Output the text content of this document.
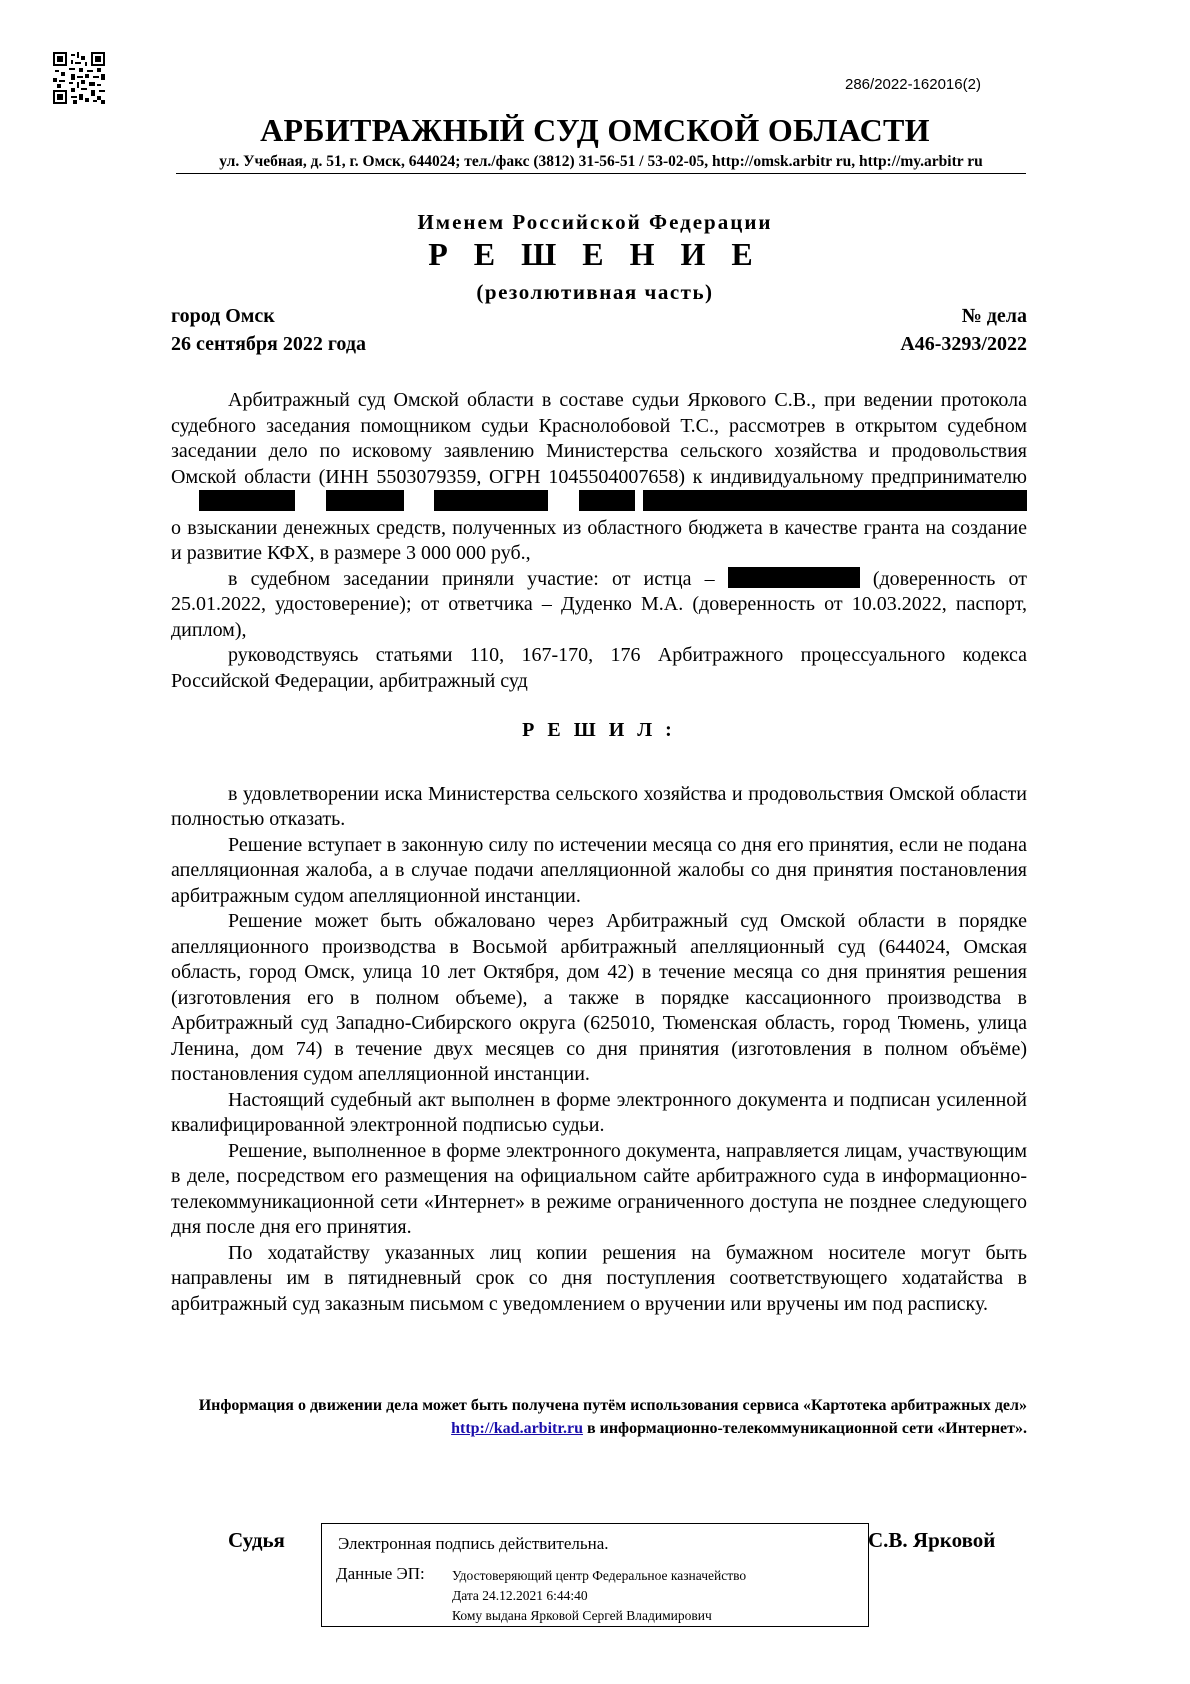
286/2022-162016(2)
АРБИТРАЖНЫЙ СУД ОМСКОЙ ОБЛАСТИ
ул. Учебная, д. 51, г. Омск, 644024; тел./факс (3812) 31-56-51 / 53-02-05, http://omsk.arbitr ru, http://my.arbitr ru
Именем Российской Федерации
Р Е Ш Е Н И Е
(резолютивная часть)
город Омск
26 сентября 2022 года
№ дела
А46-3293/2022

Арбитражный суд Омской области в составе судьи Яркового С.В., при ведении протокола судебного заседания помощником судьи Краснолобовой Т.С., рассмотрев в открытом судебном заседании дело по исковому заявлению Министерства сельского хозяйства и продовольствия Омской области (ИНН 5503079359, ОГРН 1045504007658) к индивидуальному предпринимателю      о взыскании денежных средств, полученных из областного бюджета в качестве гранта на создание и развитие КФХ, в размере 3 000 000 руб.,

в судебном заседании приняли участие: от истца –	(доверенность от 25.01.2022, удостоверение); от ответчика – Дуденко М.А. (доверенность от 10.03.2022, паспорт, диплом),

руководствуясь статьями 110, 167-170, 176 Арбитражного процессуального кодекса Российской Федерации, арбитражный суд

Р Е Ш И Л :

в удовлетворении иска Министерства сельского хозяйства и продовольствия Омской области полностью отказать.

Решение вступает в законную силу по истечении месяца со дня его принятия, если не подана апелляционная жалоба, а в случае подачи апелляционной жалобы со дня принятия постановления арбитражным судом апелляционной инстанции.

Решение может быть обжаловано через Арбитражный суд Омской области в порядке апелляционного производства в Восьмой арбитражный апелляционный суд (644024, Омская область, город Омск, улица 10 лет Октября, дом 42) в течение месяца со дня принятия решения (изготовления его в полном объеме), а также в порядке кассационного производства в Арбитражный суд Западно-Сибирского округа (625010, Тюменская область, город Тюмень, улица Ленина, дом 74) в течение двух месяцев со дня принятия (изготовления в полном объёме) постановления судом апелляционной инстанции.

Настоящий судебный акт выполнен в форме электронного документа и подписан усиленной квалифицированной электронной подписью судьи.

Решение, выполненное в форме электронного документа, направляется лицам, участвующим в деле, посредством его размещения на официальном сайте арбитражного суда в информационно-телекоммуникационной сети «Интернет» в режиме ограниченного доступа не позднее следующего дня после дня его принятия.

По ходатайству указанных лиц копии решения на бумажном носителе могут быть направлены им в пятидневный срок со дня поступления соответствующего ходатайства в арбитражный суд заказным письмом с уведомлением о вручении или вручены им под расписку.

Информация о движении дела может быть получена путём использования сервиса «Картотека арбитражных дел» http://kad.arbitr.ru в информационно-телекоммуникационной сети «Интернет».
Судья	Электронная подпись действительна.
Данные ЭП: Удостоверяющий центр Федеральное казначейство
Дата 24.12.2021 6:44:40
Кому выдана Ярковой Сергей Владимирович
С.В. Ярковой
